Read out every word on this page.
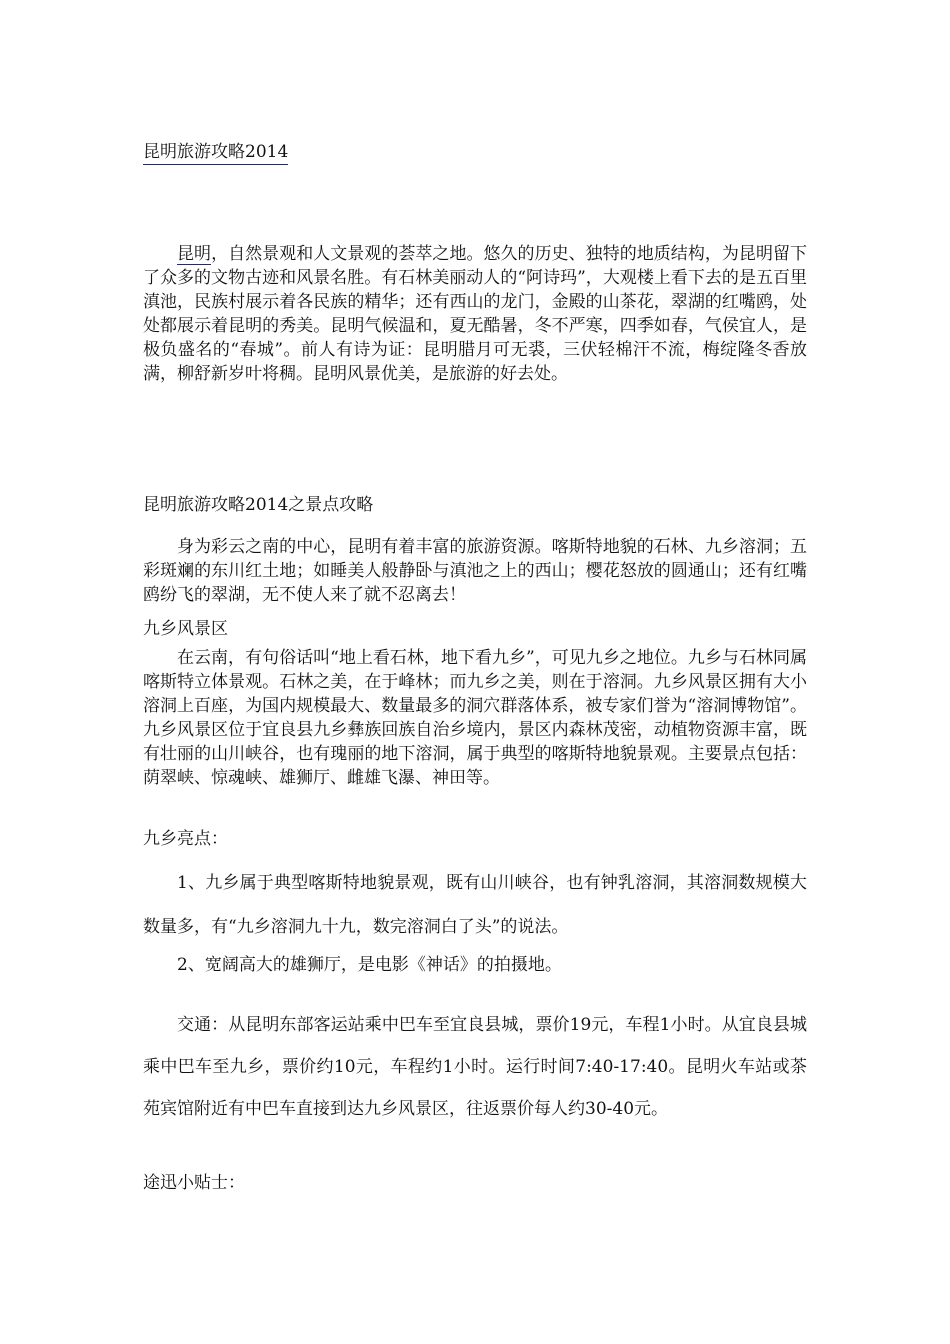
昆明旅游攻略2014

昆明，自然景观和人文景观的荟萃之地。悠久的历史、独特的地质结构，为昆明留下了众多的文物古迹和风景名胜。有石林美丽动人的“阿诗玛”，大观楼上看下去的是五百里滇池，民族村展示着各民族的精华；还有西山的龙门，金殿的山茶花，翠湖的红嘴鸥，处处都展示着昆明的秀美。昆明气候温和，夏无酷暑，冬不严寒，四季如春，气侯宜人，是极负盛名的“春城”。前人有诗为证：昆明腊月可无裘，三伏轻棉汗不流，梅绽隆冬香放满，柳舒新岁叶将稠。昆明风景优美，是旅游的好去处。

昆明旅游攻略2014之景点攻略

身为彩云之南的中心，昆明有着丰富的旅游资源。喀斯特地貌的石林、九乡溶洞；五彩斑斓的东川红土地；如睡美人般静卧与滇池之上的西山；樱花怒放的圆通山；还有红嘴鸥纷飞的翠湖，无不使人来了就不忍离去！

九乡风景区

在云南，有句俗话叫“地上看石林，地下看九乡”，可见九乡之地位。九乡与石林同属喀斯特立体景观。石林之美，在于峰林；而九乡之美，则在于溶洞。九乡风景区拥有大小溶洞上百座，为国内规模最大、数量最多的洞穴群落体系，被专家们誉为“溶洞博物馆”。九乡风景区位于宜良县九乡彝族回族自治乡境内，景区内森林茂密，动植物资源丰富，既有壮丽的山川峡谷，也有瑰丽的地下溶洞，属于典型的喀斯特地貌景观。主要景点包括：荫翠峡、惊魂峡、雄狮厅、雌雄飞瀑、神田等。

九乡亮点：

1、九乡属于典型喀斯特地貌景观，既有山川峡谷，也有钟乳溶洞，其溶洞数规模大数量多，有“九乡溶洞九十九，数完溶洞白了头”的说法。

2、宽阔高大的雄狮厅，是电影《神话》的拍摄地。

交通：从昆明东部客运站乘中巴车至宜良县城，票价19元，车程1小时。从宜良县城乘中巴车至九乡，票价约10元，车程约1小时。运行时间7:40-17:40。昆明火车站或茶苑宾馆附近有中巴车直接到达九乡风景区，往返票价每人约30-40元。

途迅小贴士：
